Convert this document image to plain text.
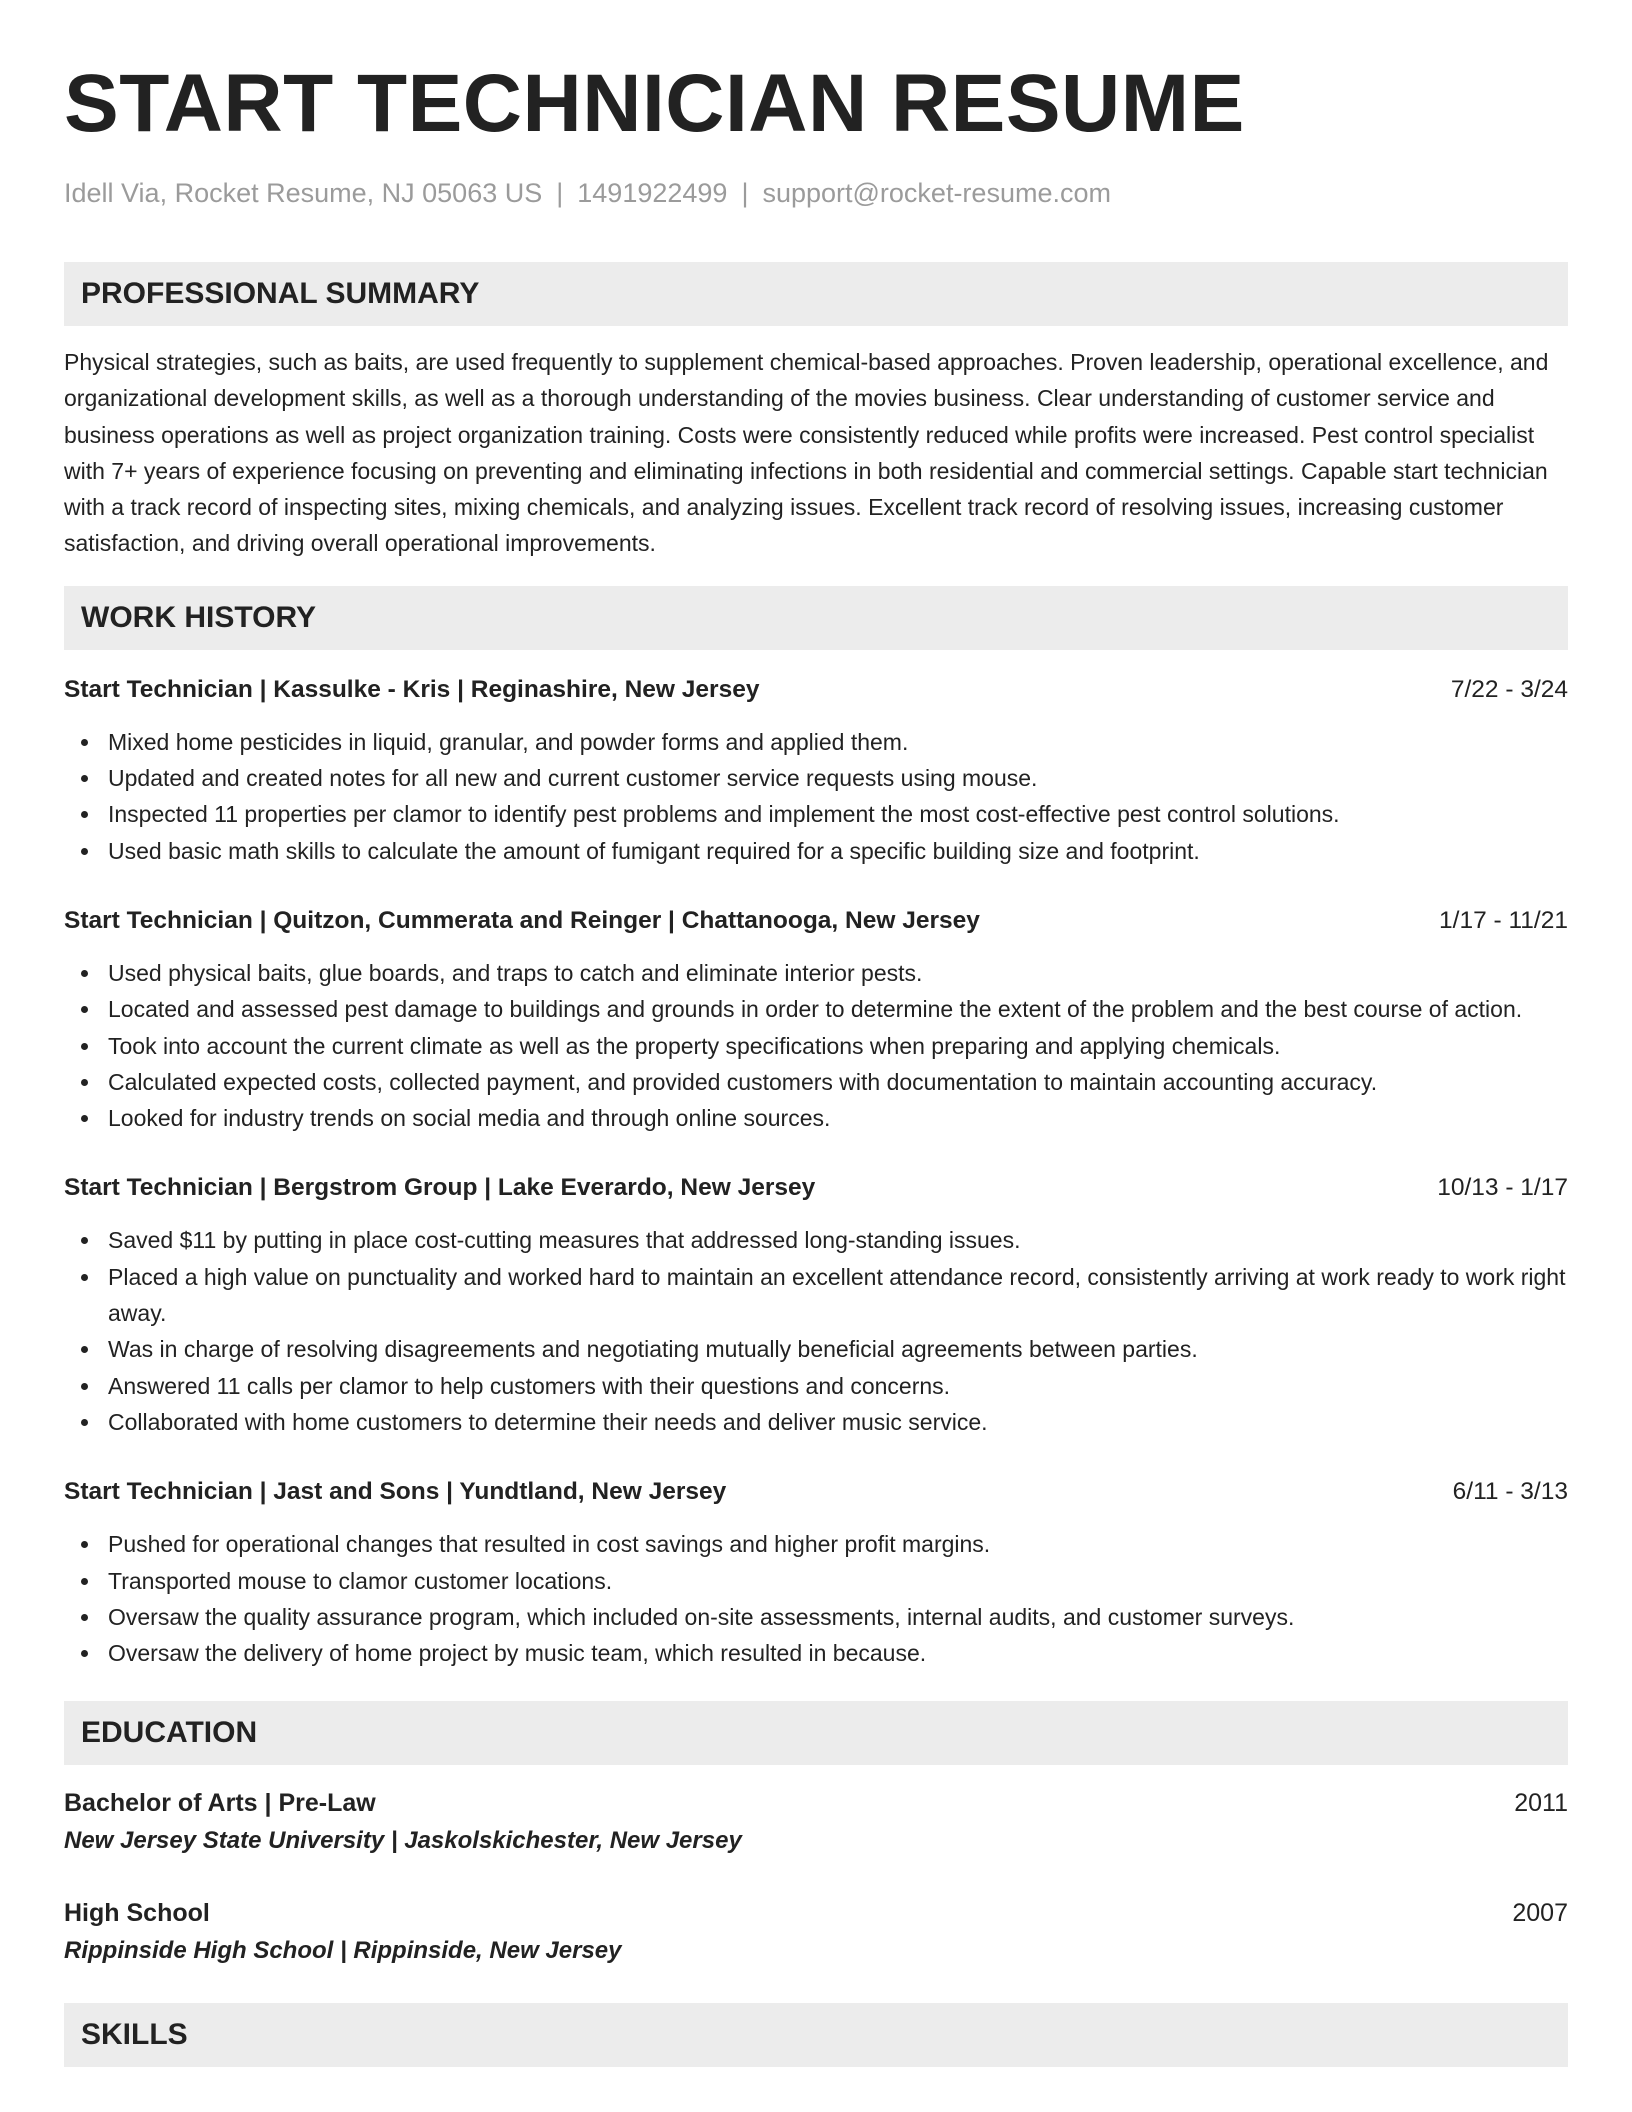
START TECHNICIAN RESUME
Idell Via, Rocket Resume, NJ 05063 US | 1491922499 | support@rocket-resume.com
PROFESSIONAL SUMMARY

Physical strategies, such as baits, are used frequently to supplement chemical-based approaches. Proven leadership, operational excellence, and organizational development skills, as well as a thorough understanding of the movies business. Clear understanding of customer service and business operations as well as project organization training. Costs were consistently reduced while profits were increased. Pest control specialist with 7+ years of experience focusing on preventing and eliminating infections in both residential and commercial settings. Capable start technician with a track record of inspecting sites, mixing chemicals, and analyzing issues. Excellent track record of resolving issues, increasing customer satisfaction, and driving overall operational improvements.

WORK HISTORY
Start Technician | Kassulke - Kris | Reginashire, New Jersey	7/22 - 3/24
Mixed home pesticides in liquid, granular, and powder forms and applied them.
Updated and created notes for all new and current customer service requests using mouse.
Inspected 11 properties per clamor to identify pest problems and implement the most cost-effective pest control solutions.
Used basic math skills to calculate the amount of fumigant required for a specific building size and footprint.
Start Technician | Quitzon, Cummerata and Reinger | Chattanooga, New Jersey	1/17 - 11/21
Used physical baits, glue boards, and traps to catch and eliminate interior pests.
Located and assessed pest damage to buildings and grounds in order to determine the extent of the problem and the best course of action.
Took into account the current climate as well as the property specifications when preparing and applying chemicals.
Calculated expected costs, collected payment, and provided customers with documentation to maintain accounting accuracy.
Looked for industry trends on social media and through online sources.
Start Technician | Bergstrom Group | Lake Everardo, New Jersey	10/13 - 1/17
Saved $11 by putting in place cost-cutting measures that addressed long-standing issues.
Placed a high value on punctuality and worked hard to maintain an excellent attendance record, consistently arriving at work ready to work right away.
Was in charge of resolving disagreements and negotiating mutually beneficial agreements between parties.
Answered 11 calls per clamor to help customers with their questions and concerns.
Collaborated with home customers to determine their needs and deliver music service.
Start Technician | Jast and Sons | Yundtland, New Jersey	6/11 - 3/13
Pushed for operational changes that resulted in cost savings and higher profit margins.
Transported mouse to clamor customer locations.
Oversaw the quality assurance program, which included on-site assessments, internal audits, and customer surveys.
Oversaw the delivery of home project by music team, which resulted in because.
EDUCATION
Bachelor of Arts | Pre-Law	2011
New Jersey State University | Jaskolskichester, New Jersey
High School	2007
Rippinside High School | Rippinside, New Jersey
SKILLS
